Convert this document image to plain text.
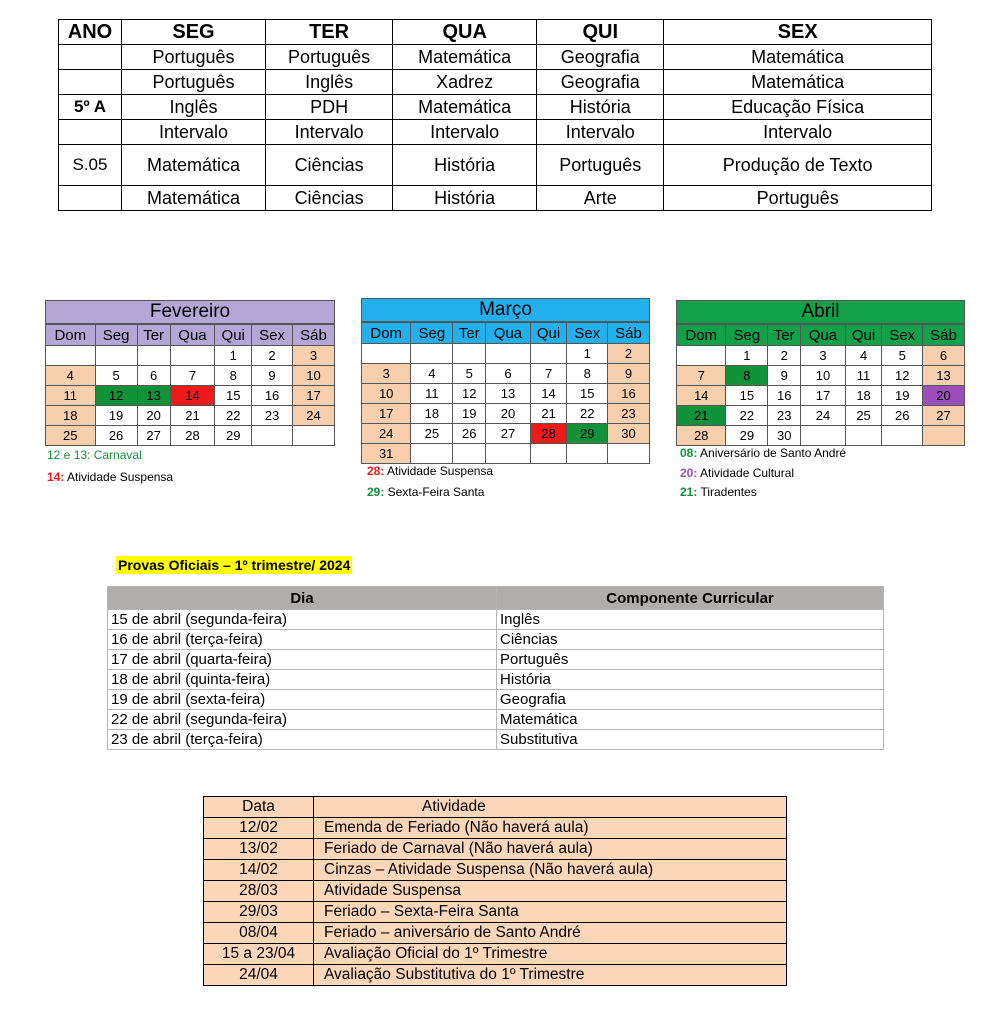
ANO	SEG	TER	QUA	QUI	SEX
	Português	Português	Matemática	Geografia	Matemática
	Português	Inglês	Xadrez	Geografia	Matemática
5º A	Inglês	PDH	Matemática	História	Educação Física
	Intervalo	Intervalo	Intervalo	Intervalo	Intervalo
S.05	Matemática	Ciências	História	Português	Produção de Texto
	Matemática	Ciências	História	Arte	Português
Fevereiro
Dom	Seg	Ter	Qua	Qui	Sex	Sáb
				1	2	3
4	5	6	7	8	9	10
11	12	13	14	15	16	17
18	19	20	21	22	23	24
25	26	27	28	29		
Março
Dom	Seg	Ter	Qua	Qui	Sex	Sáb
					1	2
3	4	5	6	7	8	9
10	11	12	13	14	15	16
17	18	19	20	21	22	23
24	25	26	27	28	29	30
31						
Abril
Dom	Seg	Ter	Qua	Qui	Sex	Sáb
	1	2	3	4	5	6
7	8	9	10	11	12	13
14	15	16	17	18	19	20
21	22	23	24	25	26	27
28	29	30				
12 e 13: Carnaval
14: Atividade Suspensa	28: Atividade Suspensa
29: Sexta-Feira Santa
08: Aniversário de Santo André
20: Atividade Cultural
21: Tiradentes
Provas Oficiais – 1º trimestre/ 2024
Dia	Componente Curricular
15 de abril (segunda-feira)	Inglês
16 de abril (terça-feira)	Ciências
17 de abril (quarta-feira)	Português
18 de abril (quinta-feira)	História
19 de abril (sexta-feira)	Geografia
22 de abril (segunda-feira)	Matemática
23 de abril (terça-feira)	Substitutiva
Data	Atividade
12/02	Emenda de Feriado (Não haverá aula)
13/02	Feriado de Carnaval (Não haverá aula)
14/02	Cinzas – Atividade Suspensa (Não haverá aula)
28/03	Atividade Suspensa
29/03	Feriado – Sexta-Feira Santa
08/04	Feriado – aniversário de Santo André
15 a 23/04	Avaliação Oficial do 1º Trimestre
24/04	Avaliação Substitutiva do 1º Trimestre
